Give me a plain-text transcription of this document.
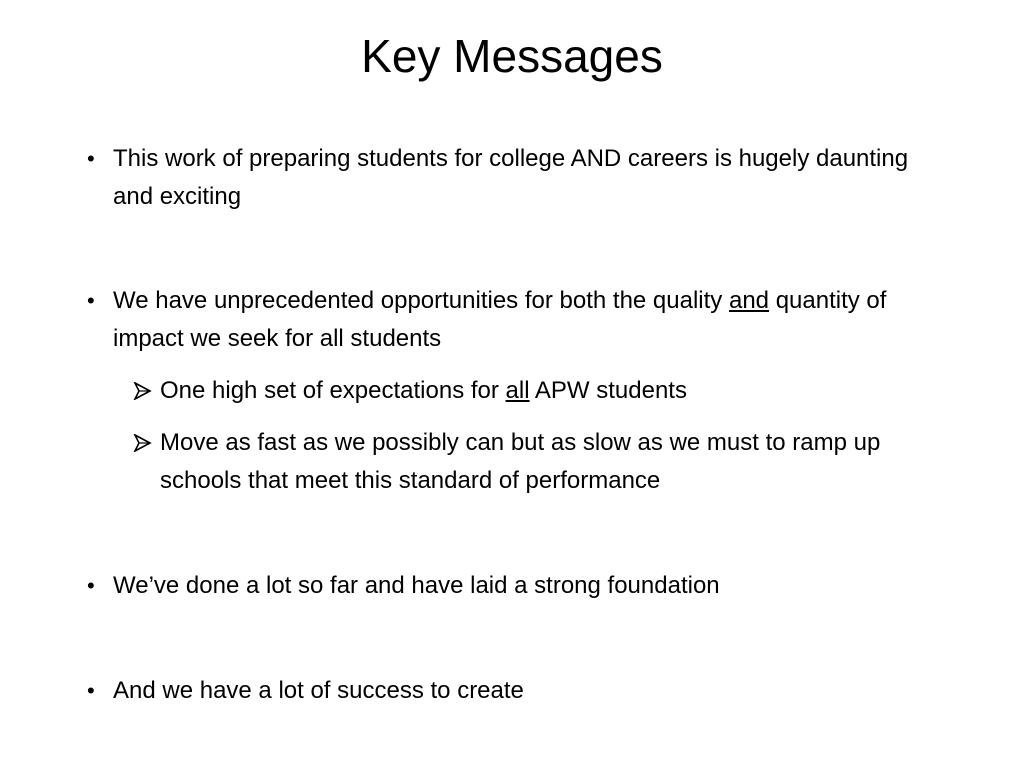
Key Messages
• This work of preparing students for college AND careers is hugely daunting and exciting
• We have unprecedented opportunities for both the quality and quantity of impact we seek for all students
One high set of expectations for all APW students
Move as fast as we possibly can but as slow as we must to ramp up schools that meet this standard of performance
• We’ve done a lot so far and have laid a strong foundation
• And we have a lot of success to create
